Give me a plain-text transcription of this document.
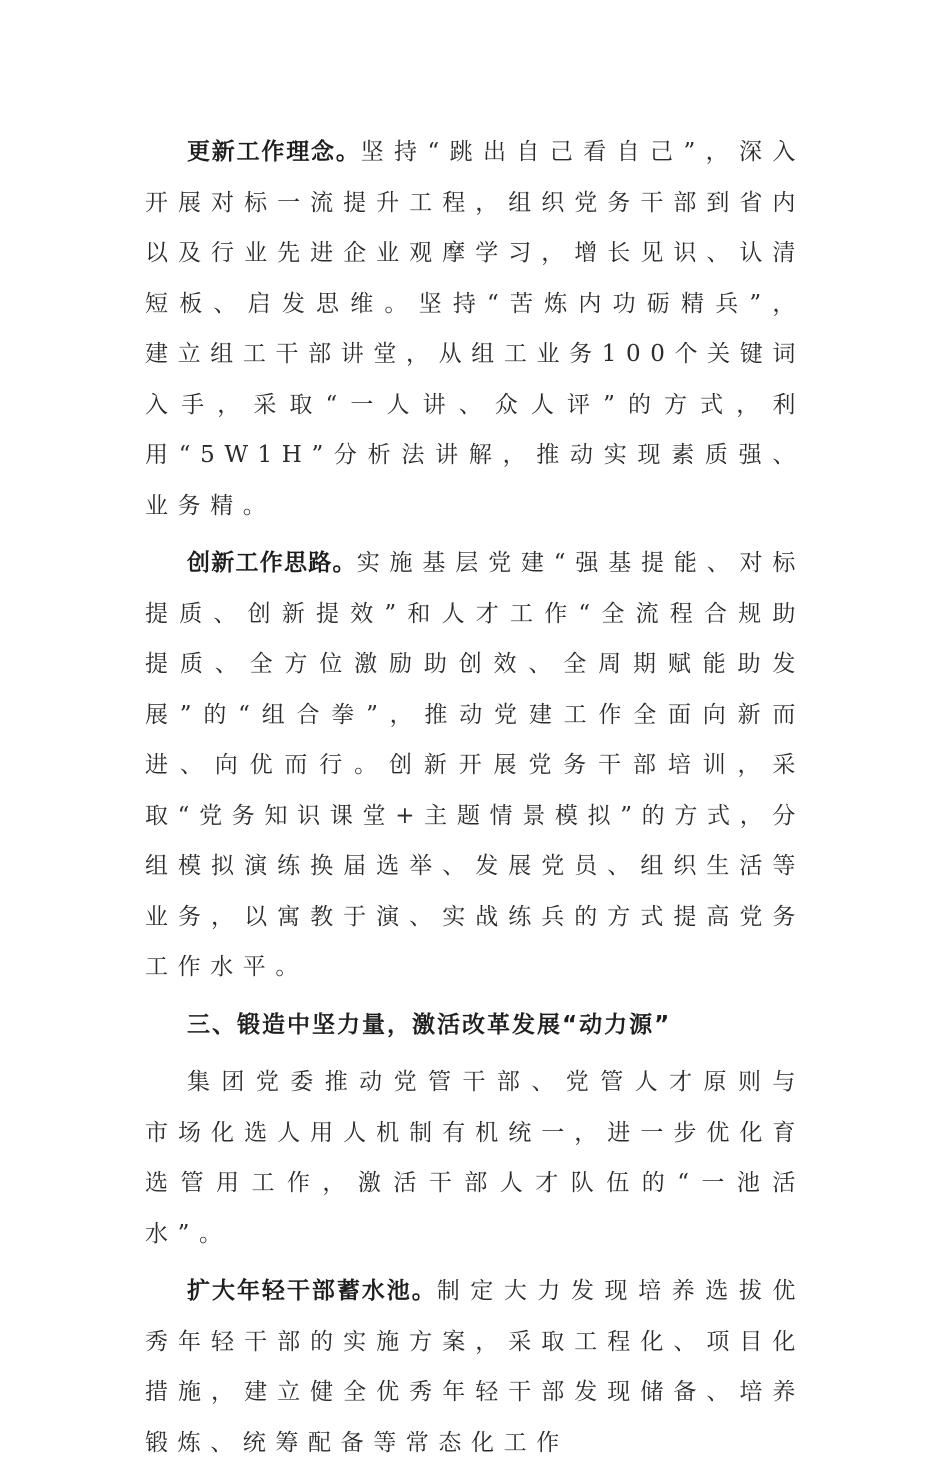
更新工作理念。坚持“跳出自己看自己”，深入开展对标一流提升工程，组织党务干部到省内以及行业先进企业观摩学习，增长见识、认清短板、启发思维。坚持“苦炼内功砺精兵”，建立组工干部讲堂，从组工业务100个关键词入手，采取“一人讲、众人评”的方式，利用“5W1H”分析法讲解，推动实现素质强、业务精。

创新工作思路。实施基层党建“强基提能、对标提质、创新提效”和人才工作“全流程合规助提质、全方位激励助创效、全周期赋能助发展”的“组合拳”，推动党建工作全面向新而进、向优而行。创新开展党务干部培训，采取“党务知识课堂+主题情景模拟”的方式，分组模拟演练换届选举、发展党员、组织生活等业务，以寓教于演、实战练兵的方式提高党务工作水平。

三、锻造中坚力量，激活改革发展“动力源”

集团党委推动党管干部、党管人才原则与市场化选人用人机制有机统一，进一步优化育选管用工作，激活干部人才队伍的“一池活水”。

扩大年轻干部蓄水池。制定大力发现培养选拔优秀年轻干部的实施方案，采取工程化、项目化措施，建立健全优秀年轻干部发现储备、培养锻炼、统筹配备等常态化工作
